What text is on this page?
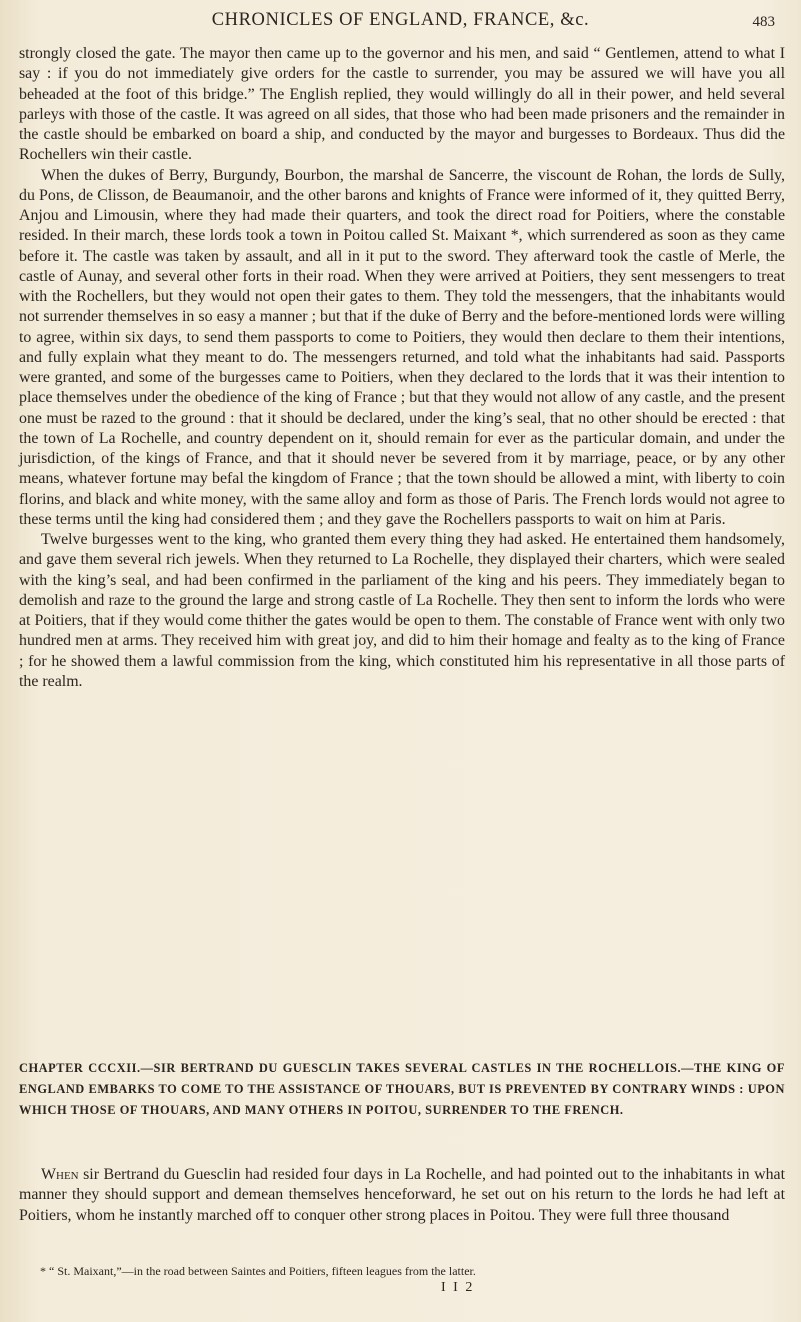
CHRONICLES OF ENGLAND, FRANCE, &c.	483

strongly closed the gate. The mayor then came up to the governor and his men, and said “ Gentlemen, attend to what I say : if you do not immediately give orders for the castle to surrender, you may be assured we will have you all beheaded at the foot of this bridge.” The English replied, they would willingly do all in their power, and held several parleys with those of the castle. It was agreed on all sides, that those who had been made prisoners and the remainder in the castle should be embarked on board a ship, and conducted by the mayor and burgesses to Bordeaux. Thus did the Rochellers win their castle.

When the dukes of Berry, Burgundy, Bourbon, the marshal de Sancerre, the viscount de Rohan, the lords de Sully, du Pons, de Clisson, de Beaumanoir, and the other barons and knights of France were informed of it, they quitted Berry, Anjou and Limousin, where they had made their quarters, and took the direct road for Poitiers, where the constable resided. In their march, these lords took a town in Poitou called St. Maixant *, which surrendered as soon as they came before it. The castle was taken by assault, and all in it put to the sword. They afterward took the castle of Merle, the castle of Aunay, and several other forts in their road. When they were arrived at Poitiers, they sent messengers to treat with the Rochellers, but they would not open their gates to them. They told the messengers, that the inhabitants would not surrender themselves in so easy a manner ; but that if the duke of Berry and the before-mentioned lords were willing to agree, within six days, to send them passports to come to Poitiers, they would then declare to them their intentions, and fully explain what they meant to do. The messengers returned, and told what the inhabitants had said. Passports were granted, and some of the burgesses came to Poitiers, when they declared to the lords that it was their intention to place themselves under the obedience of the king of France ; but that they would not allow of any castle, and the present one must be razed to the ground : that it should be declared, under the king’s seal, that no other should be erected : that the town of La Rochelle, and country dependent on it, should remain for ever as the particular domain, and under the jurisdiction, of the kings of France, and that it should never be severed from it by marriage, peace, or by any other means, whatever fortune may befal the kingdom of France ; that the town should be allowed a mint, with liberty to coin florins, and black and white money, with the same alloy and form as those of Paris. The French lords would not agree to these terms until the king had considered them ; and they gave the Rochellers passports to wait on him at Paris.

Twelve burgesses went to the king, who granted them every thing they had asked. He entertained them handsomely, and gave them several rich jewels. When they returned to La Rochelle, they displayed their charters, which were sealed with the king’s seal, and had been confirmed in the parliament of the king and his peers. They immediately began to demolish and raze to the ground the large and strong castle of La Rochelle. They then sent to inform the lords who were at Poitiers, that if they would come thither the gates would be open to them. The constable of France went with only two hundred men at arms. They received him with great joy, and did to him their homage and fealty as to the king of France ; for he showed them a lawful commission from the king, which constituted him his representative in all those parts of the realm.

CHAPTER CCCXII.—SIR BERTRAND DU GUESCLIN TAKES SEVERAL CASTLES IN THE ROCHELLOIS.—THE KING OF ENGLAND EMBARKS TO COME TO THE ASSISTANCE OF THOUARS, BUT IS PREVENTED BY CONTRARY WINDS : UPON WHICH THOSE OF THOUARS, AND MANY OTHERS IN POITOU, SURRENDER TO THE FRENCH.

When sir Bertrand du Guesclin had resided four days in La Rochelle, and had pointed out to the inhabitants in what manner they should support and demean themselves henceforward, he set out on his return to the lords he had left at Poitiers, whom he instantly marched off to conquer other strong places in Poitou. They were full three thousand

* “ St. Maixant,”—in the road between Saintes and Poitiers, fifteen leagues from the latter.
I I 2
